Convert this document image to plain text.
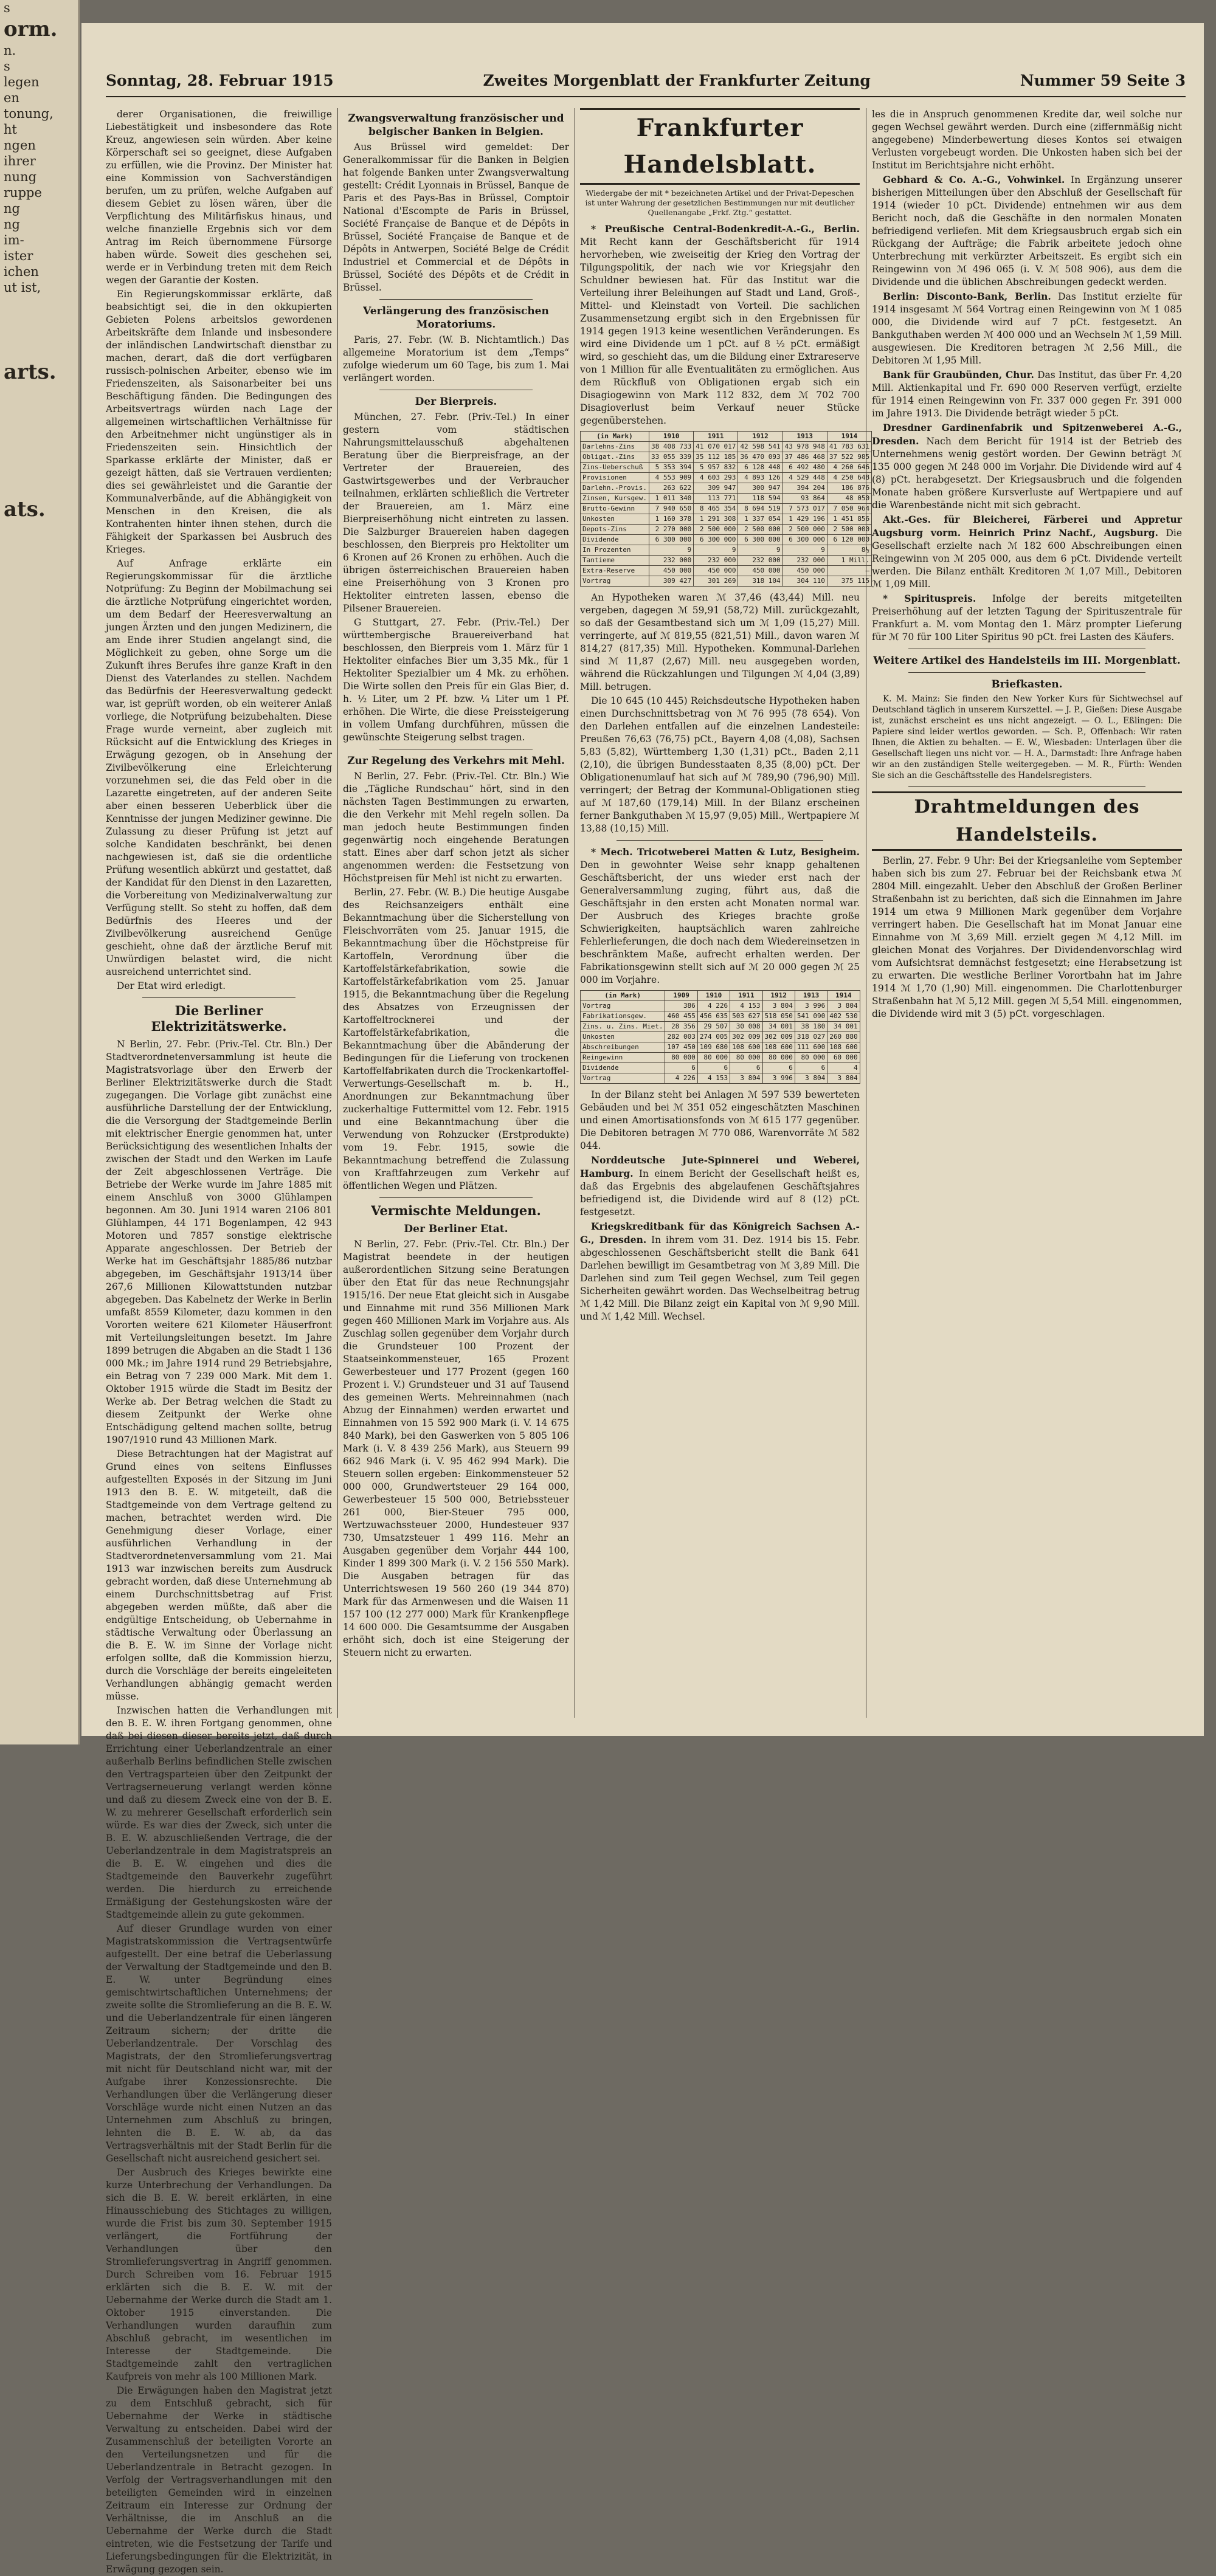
s
orm.
n.
s
legen
en
tonung,
ht
ngen
ihrer
nung
ruppe
ng
ng
im-
ister
ichen
ut ist,

arts.

ats.

Sonntag, 28. Februar 1915	Zweites Morgenblatt der Frankfurter Zeitung	Nummer 59 Seite 3

derer Organisationen, die freiwillige Liebestätigkeit und insbesondere das Rote Kreuz, angewiesen sein würden. Aber keine Körperschaft sei so geeignet, diese Aufgaben zu erfüllen, wie die Provinz. Der Minister hat eine Kommission von Sachverständigen berufen, um zu prüfen, welche Aufgaben auf diesem Gebiet zu lösen wären, über die Verpflichtung des Militärfiskus hinaus, und welche finanzielle Ergebnis sich vor dem Antrag im Reich übernommene Fürsorge haben würde. Soweit dies geschehen sei, werde er in Verbindung treten mit dem Reich wegen der Garantie der Kosten.

Ein Regierungskommissar erklärte, daß beabsichtigt sei, die in den okkupierten Gebieten Polens arbeitslos gewordenen Arbeitskräfte dem Inlande und insbesondere der inländischen Landwirtschaft dienstbar zu machen, derart, daß die dort verfügbaren russisch-polnischen Arbeiter, ebenso wie im Friedenszeiten, als Saisonarbeiter bei uns Beschäftigung fänden. Die Bedingungen des Arbeitsvertrags würden nach Lage der allgemeinen wirtschaftlichen Verhältnisse für den Arbeitnehmer nicht ungünstiger als in Friedenszeiten sein. Hinsichtlich der Sparkasse erklärte der Minister, daß er gezeigt hätten, daß sie Vertrauen verdienten; dies sei gewährleistet und die Garantie der Kommunalverbände, auf die Abhängigkeit von Menschen in den Kreisen, die als Kontrahenten hinter ihnen stehen, durch die Fähigkeit der Sparkassen bei Ausbruch des Krieges.

Auf Anfrage erklärte ein Regierungskommissar für die ärztliche Notprüfung: Zu Beginn der Mobilmachung sei die ärztliche Notprüfung eingerichtet worden, um dem Bedarf der Heeresverwaltung an jungen Ärzten und den jungen Medizinern, die am Ende ihrer Studien angelangt sind, die Möglichkeit zu geben, ohne Sorge um die Zukunft ihres Berufes ihre ganze Kraft in den Dienst des Vaterlandes zu stellen. Nachdem das Bedürfnis der Heeresverwaltung gedeckt war, ist geprüft worden, ob ein weiterer Anlaß vorliege, die Notprüfung beizubehalten. Diese Frage wurde verneint, aber zugleich mit Rücksicht auf die Entwicklung des Krieges in Erwägung gezogen, ob in Ansehung der Zivilbevölkerung eine Erleichterung vorzunehmen sei, die das Feld ober in die Lazarette eingetreten, auf der anderen Seite aber einen besseren Ueberblick über die Kenntnisse der jungen Mediziner gewinne. Die Zulassung zu dieser Prüfung ist jetzt auf solche Kandidaten beschränkt, bei denen nachgewiesen ist, daß sie die ordentliche Prüfung wesentlich abkürzt und gestattet, daß der Kandidat für den Dienst in den Lazaretten, die Vorbereitung von Medizinalverwaltung zur Verfügung stellt. So steht zu hoffen, daß dem Bedürfnis des Heeres und der Zivilbevölkerung ausreichend Genüge geschieht, ohne daß der ärztliche Beruf mit Unwürdigen belastet wird, die nicht ausreichend unterrichtet sind.

Der Etat wird erledigt.

Die Berliner Elektrizitätswerke.

N Berlin, 27. Febr. (Priv.-Tel. Ctr. Bln.) Der Stadtverordnetenversammlung ist heute die Magistratsvorlage über den Erwerb der Berliner Elektrizitätswerke durch die Stadt zugegangen. Die Vorlage gibt zunächst eine ausführliche Darstellung der der Entwicklung, die die Versorgung der Stadtgemeinde Berlin mit elektrischer Energie genommen hat, unter Berücksichtigung des wesentlichen Inhalts der zwischen der Stadt und den Werken im Laufe der Zeit abgeschlossenen Verträge. Die Betriebe der Werke wurde im Jahre 1885 mit einem Anschluß von 3000 Glühlampen begonnen. Am 30. Juni 1914 waren 2106 801 Glühlampen, 44 171 Bogenlampen, 42 943 Motoren und 7857 sonstige elektrische Apparate angeschlossen. Der Betrieb der Werke hat im Geschäftsjahr 1885/86 nutzbar abgegeben, im Geschäftsjahr 1913/14 über 267,6 Millionen Kilowattstunden nutzbar abgegeben. Das Kabelnetz der Werke in Berlin umfaßt 8559 Kilometer, dazu kommen in den Vororten weitere 621 Kilometer Häuserfront mit Verteilungsleitungen besetzt. Im Jahre 1899 betrugen die Abgaben an die Stadt 1 136 000 Mk.; im Jahre 1914 rund 29 Betriebsjahre, ein Betrag von 7 239 000 Mark. Mit dem 1. Oktober 1915 würde die Stadt im Besitz der Werke ab. Der Betrag welchen die Stadt zu diesem Zeitpunkt der Werke ohne Entschädigung geltend machen sollte, betrug 1907/1910 rund 43 Millionen Mark.

Diese Betrachtungen hat der Magistrat auf Grund eines von seitens Einflusses aufgestellten Exposés in der Sitzung im Juni 1913 den B. E. W. mitgeteilt, daß die Stadtgemeinde von dem Vertrage geltend zu machen, betrachtet werden wird. Die Genehmigung dieser Vorlage, einer ausführlichen Verhandlung in der Stadtverordnetenversammlung vom 21. Mai 1913 war inzwischen bereits zum Ausdruck gebracht worden, daß diese Unternehmung ab einem Durchschnittsbetrag auf Frist abgegeben werden müßte, daß aber die endgültige Entscheidung, ob Uebernahme in städtische Verwaltung oder Überlassung an die B. E. W. im Sinne der Vorlage nicht erfolgen sollte, daß die Kommission hierzu, durch die Vorschläge der bereits eingeleiteten Verhandlungen abhängig gemacht werden müsse.

Inzwischen hatten die Verhandlungen mit den B. E. W. ihren Fortgang genommen, ohne daß bei diesen dieser bereits jetzt, daß durch Errichtung einer Ueberlandzentrale an einer außerhalb Berlins befindlichen Stelle zwischen den Vertragsparteien über den Zeitpunkt der Vertragserneuerung verlangt werden könne und daß zu diesem Zweck eine von der B. E. W. zu mehrerer Gesellschaft erforderlich sein würde. Es war dies der Zweck, sich unter die B. E. W. abzuschließenden Vertrage, die der Ueberlandzentrale in dem Magistratspreis an die B. E. W. eingehen und dies die Stadtgemeinde den Bauverkehr zugeführt werden. Die hierdurch zu erreichende Ermäßigung der Gestehungskosten wäre der Stadtgemeinde allein zu gute gekommen.

Auf dieser Grundlage wurden von einer Magistratskommission die Vertragsentwürfe aufgestellt. Der eine betraf die Ueberlassung der Verwaltung der Stadtgemeinde und den B. E. W. unter Begründung eines gemischtwirtschaftlichen Unternehmens; der zweite sollte die Stromlieferung an die B. E. W. und die Ueberlandzentrale für einen längeren Zeitraum sichern; der dritte die Ueberlandzentrale. Der Vorschlag des Magistrats, der den Stromlieferungsvertrag mit nicht für Deutschland nicht war, mit der Aufgabe ihrer Konzessionsrechte. Die Verhandlungen über die Verlängerung dieser Vorschläge wurde nicht einen Nutzen an das Unternehmen zum Abschluß zu bringen, lehnten die B. E. W. ab, da das Vertragsverhältnis mit der Stadt Berlin für die Gesellschaft nicht ausreichend gesichert sei.

Der Ausbruch des Krieges bewirkte eine kurze Unterbrechung der Verhandlungen. Da sich die B. E. W. bereit erklärten, in eine Hinausschiebung des Stichtages zu willigen, wurde die Frist bis zum 30. September 1915 verlängert, die Fortführung der Verhandlungen über den Stromlieferungsvertrag in Angriff genommen. Durch Schreiben vom 16. Februar 1915 erklärten sich die B. E. W. mit der Uebernahme der Werke durch die Stadt am 1. Oktober 1915 einverstanden. Die Verhandlungen wurden daraufhin zum Abschluß gebracht, im wesentlichen im Interesse der Stadtgemeinde. Die Stadtgemeinde zahlt den vertraglichen Kaufpreis von mehr als 100 Millionen Mark.

Die Erwägungen haben den Magistrat jetzt zu dem Entschluß gebracht, sich für Uebernahme der Werke in städtische Verwaltung zu entscheiden. Dabei wird der Zusammenschluß der beteiligten Vororte an den Verteilungsnetzen und für die Ueberlandzentrale in Betracht gezogen. In Verfolg der Vertragsverhandlungen mit den beteiligten Gemeinden wird in einzelnen Zeitraum ein Interesse zur Ordnung der Verhältnisse, die im Anschluß an die Uebernahme der Werke durch die Stadt eintreten, wie die Festsetzung der Tarife und Lieferungsbedingungen für die Elektrizität, in Erwägung gezogen sein.

Zwangsverwaltung französischer und belgischer Banken in Belgien.

Aus Brüssel wird gemeldet: Der Generalkommissar für die Banken in Belgien hat folgende Banken unter Zwangsverwaltung gestellt: Crédit Lyonnais in Brüssel, Banque de Paris et des Pays-Bas in Brüssel, Comptoir National d'Escompte de Paris in Brüssel, Société Française de Banque et de Dépôts in Brüssel, Société Française de Banque et de Dépôts in Antwerpen, Société Belge de Crédit Industriel et Commercial et de Dépôts in Brüssel, Société des Dépôts et de Crédit in Brüssel.

Verlängerung des französischen Moratoriums.

Paris, 27. Febr. (W. B. Nichtamtlich.) Das allgemeine Moratorium ist dem „Temps“ zufolge wiederum um 60 Tage, bis zum 1. Mai verlängert worden.

Der Bierpreis.

München, 27. Febr. (Priv.-Tel.) In einer gestern vom städtischen Nahrungsmittelausschuß abgehaltenen Beratung über die Bierpreisfrage, an der Vertreter der Brauereien, des Gastwirtsgewerbes und der Verbraucher teilnahmen, erklärten schließlich die Vertreter der Brauereien, am 1. März eine Bierpreiserhöhung nicht eintreten zu lassen. Die Salzburger Brauereien haben dagegen beschlossen, den Bierpreis pro Hektoliter um 6 Kronen auf 26 Kronen zu erhöhen. Auch die übrigen österreichischen Brauereien haben eine Preiserhöhung von 3 Kronen pro Hektoliter eintreten lassen, ebenso die Pilsener Brauereien.

G Stuttgart, 27. Febr. (Priv.-Tel.) Der württembergische Brauereiverband hat beschlossen, den Bierpreis vom 1. März für 1 Hektoliter einfaches Bier um 3,35 Mk., für 1 Hektoliter Spezialbier um 4 Mk. zu erhöhen. Die Wirte sollen den Preis für ein Glas Bier, d. h. ½ Liter, um 2 Pf. bzw. ¼ Liter um 1 Pf. erhöhen. Die Wirte, die diese Preissteigerung in vollem Umfang durchführen, müssen die gewünschte Steigerung selbst tragen.

Zur Regelung des Verkehrs mit Mehl.

N Berlin, 27. Febr. (Priv.-Tel. Ctr. Bln.) Wie die „Tägliche Rundschau“ hört, sind in den nächsten Tagen Bestimmungen zu erwarten, die den Verkehr mit Mehl regeln sollen. Da man jedoch heute Bestimmungen finden gegenwärtig noch eingehende Beratungen statt. Eines aber darf schon jetzt als sicher angenommen werden: die Festsetzung von Höchstpreisen für Mehl ist nicht zu erwarten.

Berlin, 27. Febr. (W. B.) Die heutige Ausgabe des Reichsanzeigers enthält eine Bekanntmachung über die Sicherstellung von Fleischvorräten vom 25. Januar 1915, die Bekanntmachung über die Höchstpreise für Kartoffeln, Verordnung über die Kartoffelstärkefabrikation, sowie die Kartoffelstärkefabrikation vom 25. Januar 1915, die Bekanntmachung über die Regelung des Absatzes von Erzeugnissen der Kartoffeltrocknerei und der Kartoffelstärkefabrikation, die Bekanntmachung über die Abänderung der Bedingungen für die Lieferung von trockenen Kartoffelfabrikaten durch die Trockenkartoffel-Verwertungs-Gesellschaft m. b. H., Anordnungen zur Bekanntmachung über zuckerhaltige Futtermittel vom 12. Febr. 1915 und eine Bekanntmachung über die Verwendung von Rohzucker (Erstprodukte) vom 19. Febr. 1915, sowie die Bekanntmachung betreffend die Zulassung von Kraftfahrzeugen zum Verkehr auf öffentlichen Wegen und Plätzen.

Vermischte Meldungen.
Der Berliner Etat.

N Berlin, 27. Febr. (Priv.-Tel. Ctr. Bln.) Der Magistrat beendete in der heutigen außerordentlichen Sitzung seine Beratungen über den Etat für das neue Rechnungsjahr 1915/16. Der neue Etat gleicht sich in Ausgabe und Einnahme mit rund 356 Millionen Mark gegen 460 Millionen Mark im Vorjahre aus. Als Zuschlag sollen gegenüber dem Vorjahr durch die Grundsteuer 100 Prozent der Staatseinkommensteuer, 165 Prozent Gewerbesteuer und 177 Prozent (gegen 160 Prozent i. V.) Grundsteuer und 31 auf Tausend des gemeinen Werts. Mehreinnahmen (nach Abzug der Einnahmen) werden erwartet und Einnahmen von 15 592 900 Mark (i. V. 14 675 840 Mark), bei den Gaswerken von 5 805 106 Mark (i. V. 8 439 256 Mark), aus Steuern 99 662 946 Mark (i. V. 95 462 994 Mark). Die Steuern sollen ergeben: Einkommensteuer 52 000 000, Grundwertsteuer 29 164 000, Gewerbesteuer 15 500 000, Betriebssteuer 261 000, Bier-Steuer 795 000, Wertzuwachssteuer 2000, Hundesteuer 937 730, Umsatzsteuer 1 499 116. Mehr an Ausgaben gegenüber dem Vorjahr 444 100, Kinder 1 899 300 Mark (i. V. 2 156 550 Mark). Die Ausgaben betragen für das Unterrichtswesen 19 560 260 (19 344 870) Mark für das Armenwesen und die Waisen 11 157 100 (12 277 000) Mark für Krankenpflege 14 600 000. Die Gesamtsumme der Ausgaben erhöht sich, doch ist eine Steigerung der Steuern nicht zu erwarten.

Frankfurter Handelsblatt.
Wiedergabe der mit * bezeichneten Artikel und der Privat-Depeschen ist unter Wahrung der gesetzlichen Bestimmungen nur mit deutlicher Quellenangabe „Frkf. Ztg.“ gestattet.

* Preußische Central-Bodenkredit-A.-G., Berlin. Mit Recht kann der Geschäftsbericht für 1914 hervorheben, wie zweiseitig der Krieg den Vortrag der Tilgungspolitik, der nach wie vor Kriegsjahr den Schuldner bewiesen hat. Für das Institut war die Verteilung ihrer Beleihungen auf Stadt und Land, Groß-, Mittel- und Kleinstadt von Vorteil. Die sachlichen Zusammensetzung ergibt sich in den Ergebnissen für 1914 gegen 1913 keine wesentlichen Veränderungen. Es wird eine Dividende um 1 pCt. auf 8 ⅟₂ pCt. ermäßigt wird, so geschieht das, um die Bildung einer Extrareserve von 1 Million für alle Eventualitäten zu ermöglichen. Aus dem Rückfluß von Obligationen ergab sich ein Disagiogewinn von Mark 112 832, dem ℳ 702 700 Disagioverlust beim Verkauf neuer Stücke gegenüberstehen.

(in Mark)	1910	1911	1912	1913	1914
Darlehns-Zins	38 408 733	41 070 017	42 598 541	43 978 948	41 783 631
Obligat.-Zins	33 055 339	35 112 185	36 470 093	37 486 468	37 522 985
Zins-Ueberschuß	5 353 394	5 957 832	6 128 448	6 492 480	4 260 646
Provisionen	4 553 909	4 603 293	4 893 126	4 529 448	4 250 648
Darlehn.-Provis.	263 622	309 947	300 947	394 204	186 876
Zinsen, Kursgew.	1 011 340	113 771	118 594	93 864	48 050
Brutto-Gewinn	7 940 650	8 465 354	8 694 519	7 573 017	7 050 964
Unkosten	1 160 378	1 291 308	1 337 054	1 429 196	1 451 856
Depots-Zins	2 270 000	2 500 000	2 500 000	2 500 000	2 500 000
Dividende	6 300 000	6 300 000	6 300 000	6 300 000	6 120 000
In Prozenten	9	9	9	9	8½
Tantieme	232 000	232 000	232 000	232 000	1 Mill.
Extra-Reserve	450 000	450 000	450 000	450 000	—
Vortrag	309 427	301 269	318 104	304 110	375 115

An Hypotheken waren ℳ 37,46 (43,44) Mill. neu vergeben, dagegen ℳ 59,91 (58,72) Mill. zurückgezahlt, so daß der Gesamtbestand sich um ℳ 1,09 (15,27) Mill. verringerte, auf ℳ 819,55 (821,51) Mill., davon waren ℳ 814,27 (817,35) Mill. Hypotheken. Kommunal-Darlehen sind ℳ 11,87 (2,67) Mill. neu ausgegeben worden, während die Rückzahlungen und Tilgungen ℳ 4,04 (3,89) Mill. betrugen.

Die 10 645 (10 445) Reichsdeutsche Hypotheken haben einen Durchschnittsbetrag von ℳ 76 995 (78 654). Von den Darlehen entfallen auf die einzelnen Landesteile: Preußen 76,63 (76,75) pCt., Bayern 4,08 (4,08), Sachsen 5,83 (5,82), Württemberg 1,30 (1,31) pCt., Baden 2,11 (2,10), die übrigen Bundesstaaten 8,35 (8,00) pCt. Der Obligationenumlauf hat sich auf ℳ 789,90 (796,90) Mill. verringert; der Betrag der Kommunal-Obligationen stieg auf ℳ 187,60 (179,14) Mill. In der Bilanz erscheinen ferner Bankguthaben ℳ 15,97 (9,05) Mill., Wertpapiere ℳ 13,88 (10,15) Mill.

* Mech. Tricotweberei Matten & Lutz, Besigheim. Den in gewohnter Weise sehr knapp gehaltenen Geschäftsbericht, der uns wieder erst nach der Generalversammlung zuging, führt aus, daß die Geschäftsjahr in den ersten acht Monaten normal war. Der Ausbruch des Krieges brachte große Schwierigkeiten, hauptsächlich waren zahlreiche Fehlerlieferungen, die doch nach dem Wiedereinsetzen in beschränktem Maße, aufrecht erhalten werden. Der Fabrikationsgewinn stellt sich auf ℳ 20 000 gegen ℳ 25 000 im Vorjahre.

(in Mark)	1909	1910	1911	1912	1913	1914
Vortrag	386	4 226	4 153	3 804	3 996	3 804
Fabrikationsgew.	460 455	456 635	503 627	518 050	541 090	402 530
Zins. u. Zins. Miet.	28 356	29 507	30 008	34 001	38 180	34 001
Unkosten	282 003	274 005	302 009	302 009	318 027	260 880
Abschreibungen	107 450	109 680	108 600	108 600	111 600	108 600
Reingewinn	80 000	80 000	80 000	80 000	80 000	60 000
Dividende	6	6	6	6	6	4
Vortrag	4 226	4 153	3 804	3 996	3 804	3 804

In der Bilanz steht bei Anlagen ℳ 597 539 bewerteten Gebäuden und bei ℳ 351 052 eingeschätzten Maschinen und einen Amortisationsfonds von ℳ 615 177 gegenüber. Die Debitoren betragen ℳ 770 086, Warenvorräte ℳ 582 044.

Norddeutsche Jute-Spinnerei und Weberei, Hamburg. In einem Bericht der Gesellschaft heißt es, daß das Ergebnis des abgelaufenen Geschäftsjahres befriedigend ist, die Dividende wird auf 8 (12) pCt. festgesetzt.

Kriegskreditbank für das Königreich Sachsen A.-G., Dresden. In ihrem vom 31. Dez. 1914 bis 15. Febr. abgeschlossenen Geschäftsbericht stellt die Bank 641 Darlehen bewilligt im Gesamtbetrag von ℳ 3,89 Mill. Die Darlehen sind zum Teil gegen Wechsel, zum Teil gegen Sicherheiten gewährt worden. Das Wechselbeitrag betrug ℳ 1,42 Mill. Die Bilanz zeigt ein Kapital von ℳ 9,90 Mill. und ℳ 1,42 Mill. Wechsel.

les die in Anspruch genommenen Kredite dar, weil solche nur gegen Wechsel gewährt werden. Durch eine (ziffernmäßig nicht angegebene) Minderbewertung dieses Kontos sei etwaigen Verlusten vorgebeugt worden. Die Unkosten haben sich bei der Institut im Berichtsjahre nicht erhöht.

Gebhard & Co. A.-G., Vohwinkel. In Ergänzung unserer bisherigen Mitteilungen über den Abschluß der Gesellschaft für 1914 (wieder 10 pCt. Dividende) entnehmen wir aus dem Bericht noch, daß die Geschäfte in den normalen Monaten befriedigend verliefen. Mit dem Kriegsausbruch ergab sich ein Rückgang der Aufträge; die Fabrik arbeitete jedoch ohne Unterbrechung mit verkürzter Arbeitszeit. Es ergibt sich ein Reingewinn von ℳ 496 065 (i. V. ℳ 508 906), aus dem die Dividende und die üblichen Abschreibungen gedeckt werden.

Berlin: Disconto-Bank, Berlin. Das Institut erzielte für 1914 insgesamt ℳ 564 Vortrag einen Reingewinn von ℳ 1 085 000, die Dividende wird auf 7 pCt. festgesetzt. An Bankguthaben werden ℳ 400 000 und an Wechseln ℳ 1,59 Mill. ausgewiesen. Die Kreditoren betragen ℳ 2,56 Mill., die Debitoren ℳ 1,95 Mill.

Bank für Graubünden, Chur. Das Institut, das über Fr. 4,20 Mill. Aktienkapital und Fr. 690 000 Reserven verfügt, erzielte für 1914 einen Reingewinn von Fr. 337 000 gegen Fr. 391 000 im Jahre 1913. Die Dividende beträgt wieder 5 pCt.

Dresdner Gardinenfabrik und Spitzenweberei A.-G., Dresden. Nach dem Bericht für 1914 ist der Betrieb des Unternehmens wenig gestört worden. Der Gewinn beträgt ℳ 135 000 gegen ℳ 248 000 im Vorjahr. Die Dividende wird auf 4 (8) pCt. herabgesetzt. Der Kriegsausbruch und die folgenden Monate haben größere Kursverluste auf Wertpapiere und auf die Warenbestände nicht mit sich gebracht.

Akt.-Ges. für Bleicherei, Färberei und Appretur Augsburg vorm. Heinrich Prinz Nachf., Augsburg. Die Gesellschaft erzielte nach ℳ 182 600 Abschreibungen einen Reingewinn von ℳ 205 000, aus dem 6 pCt. Dividende verteilt werden. Die Bilanz enthält Kreditoren ℳ 1,07 Mill., Debitoren ℳ 1,09 Mill.

* Spirituspreis. Infolge der bereits mitgeteilten Preiserhöhung auf der letzten Tagung der Spirituszentrale für Frankfurt a. M. vom Montag den 1. März prompter Lieferung für ℳ 70 für 100 Liter Spiritus 90 pCt. frei Lasten des Käufers.

Weitere Artikel des Handelsteils im III. Morgenblatt.
Briefkasten.

K. M. Mainz: Sie finden den New Yorker Kurs für Sichtwechsel auf Deutschland täglich in unserem Kurszettel. — J. P., Gießen: Diese Ausgabe ist, zunächst erscheint es uns nicht angezeigt. — O. L., Eßlingen: Die Papiere sind leider wertlos geworden. — Sch. P., Offenbach: Wir raten Ihnen, die Aktien zu behalten. — E. W., Wiesbaden: Unterlagen über die Gesellschaft liegen uns nicht vor. — H. A., Darmstadt: Ihre Anfrage haben wir an den zuständigen Stelle weitergegeben. — M. R., Fürth: Wenden Sie sich an die Geschäftsstelle des Handelsregisters.

Drahtmeldungen des Handelsteils.

Berlin, 27. Febr. 9 Uhr: Bei der Kriegsanleihe vom September haben sich bis zum 27. Februar bei der Reichsbank etwa ℳ 2804 Mill. eingezahlt. Ueber den Abschluß der Großen Berliner Straßenbahn ist zu berichten, daß sich die Einnahmen im Jahre 1914 um etwa 9 Millionen Mark gegenüber dem Vorjahre verringert haben. Die Gesellschaft hat im Monat Januar eine Einnahme von ℳ 3,69 Mill. erzielt gegen ℳ 4,12 Mill. im gleichen Monat des Vorjahres. Der Dividendenvorschlag wird vom Aufsichtsrat demnächst festgesetzt; eine Herabsetzung ist zu erwarten. Die westliche Berliner Vorortbahn hat im Jahre 1914 ℳ 1,70 (1,90) Mill. eingenommen. Die Charlottenburger Straßenbahn hat ℳ 5,12 Mill. gegen ℳ 5,54 Mill. eingenommen, die Dividende wird mit 3 (5) pCt. vorgeschlagen.
